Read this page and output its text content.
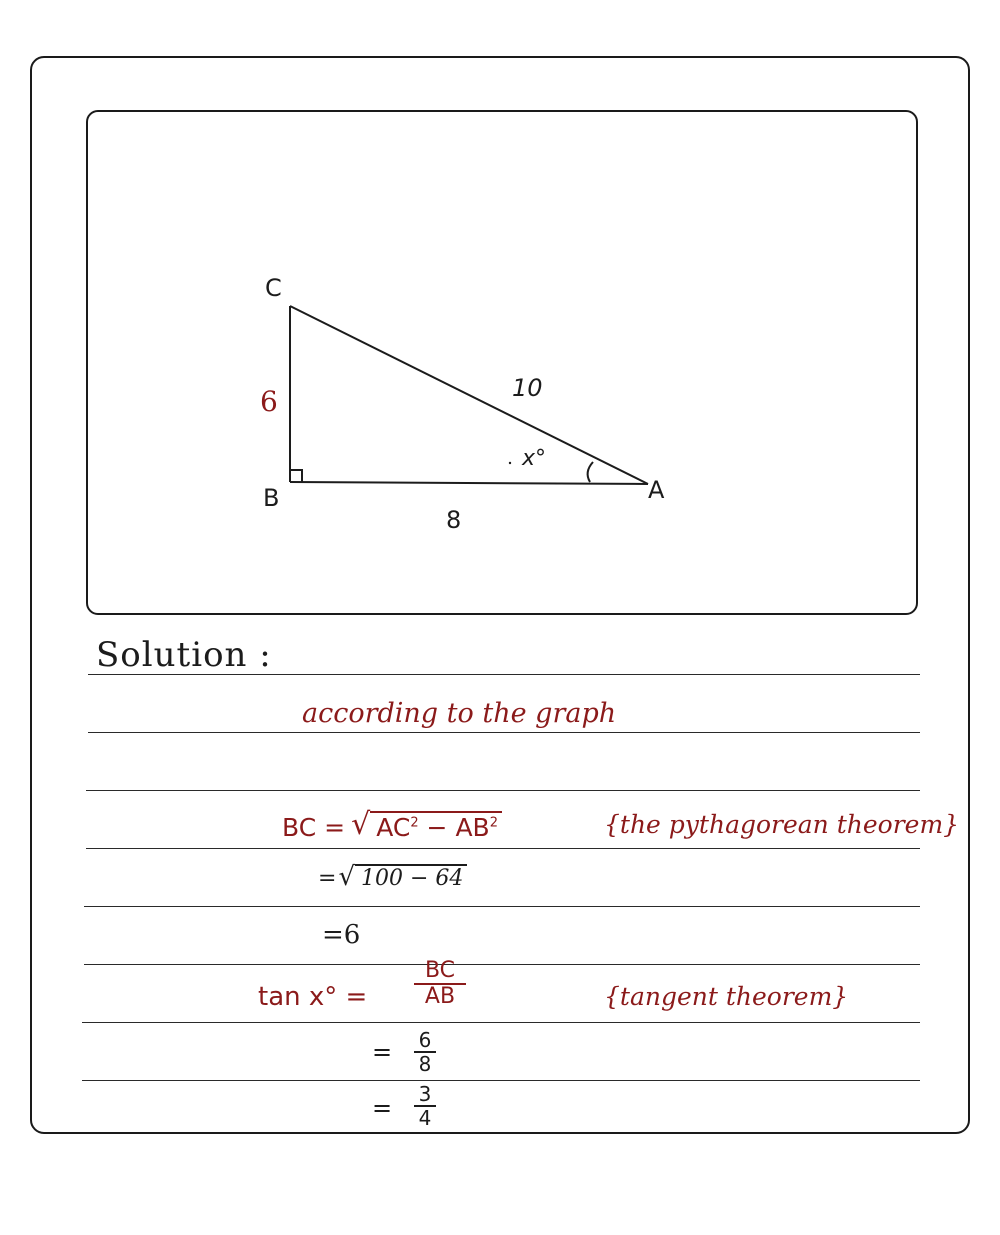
C
B	A
6
8
10
x°
Solution :
according to the graph
BC = √ $AC^2 - AB^2$	{the pythagorean theorem}
= √ 100 − 64
=6
tan x° =
BC
AB	{tangent theorem}
= 6
8
= 3
4
